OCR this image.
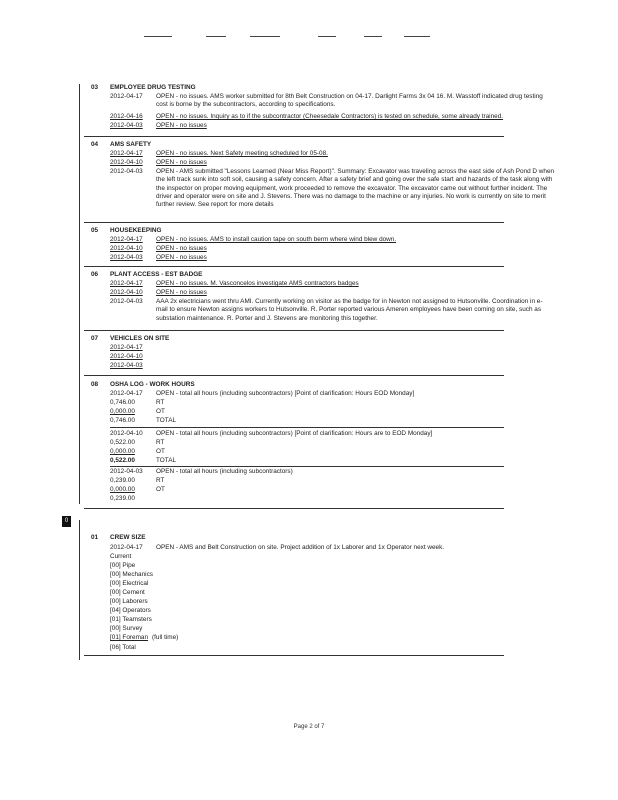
03 EMPLOYEE DRUG TESTING
2012-04-17	OPEN - no issues. AMS worker submitted for 8th Belt Construction on 04-17. Darlight Farms 3x 04 16. M. Wasstoff indicated drug testing cost is borne by the subcontractors, according to specifications.
2012-04-16 OPEN - no issues. Inquiry as to if the subcontractor (Cheesedale Contractors) is tested on schedule, some already trained.
2012-04-03 OPEN - no issues
04 AMS SAFETY
2012-04-17 OPEN - no issues. Next Safety meeting scheduled for 05-08.
2012-04-10 OPEN - no issues
2012-04-03	OPEN - AMS submitted "Lessons Learned (Near Miss Report)". Summary: Excavator was traveling across the east side of Ash Pond D when the left track sunk into soft soil, causing a safety concern. After a safety brief and going over the safe start and hazards of the task along with the inspector on proper moving equipment, work proceeded to remove the excavator. The excavator came out without further incident. The driver and operator were on site and J. Stevens. There was no damage to the machine or any injuries. No work is currently on site to merit further review. See report for more details
05 HOUSEKEEPING
2012-04-17 OPEN - no issues. AMS to install caution tape on south berm where wind blew down.
2012-04-10 OPEN - no issues
2012-04-03 OPEN - no issues
06 PLANT ACCESS - EST BADGE
2012-04-17 OPEN - no issues. M. Vasconcelos investigate AMS contractors badges
2012-04-10 OPEN - no issues
2012-04-03	AAA 2x electricians went thru AMI. Currently working on visitor as the badge for in Newton not assigned to Hutsonville. Coordination in e-mail to ensure Newton assigns workers to Hutsonville. R. Porter reported various Ameren employees have been coming on site, such as substation maintenance. R. Porter and J. Stevens are monitoring this together.
07 VEHICLES ON SITE
2012-04-17
2012-04-10
2012-04-03
08 OSHA LOG - WORK HOURS
2012-04-17 OPEN - total all hours (including subcontractors) [Point of clarification: Hours EOD Monday]
0,746.00	RT
0,000.00	OT
0,746.00	TOTAL
2012-04-10 OPEN - total all hours (including subcontractors) [Point of clarification: Hours are to EOD Monday]
0,522.00	RT
0,000.00	OT
0,522.00	TOTAL
2012-04-03 OPEN - total all hours (including subcontractors)
0,239.00	RT
0,000.00	OT
0,239.00
0
01 CREW SIZE
2012-04-17 OPEN - AMS and Belt Construction on site. Project addition of 1x Laborer and 1x Operator next week.
Current
[00] Pipe
[00] Mechanics
[00] Electrical
[00] Cement
[00] Laborers
[04] Operators
[01] Teamsters
[00] Survey
[01] Foreman (full time)
[06] Total
Page 2 of 7
